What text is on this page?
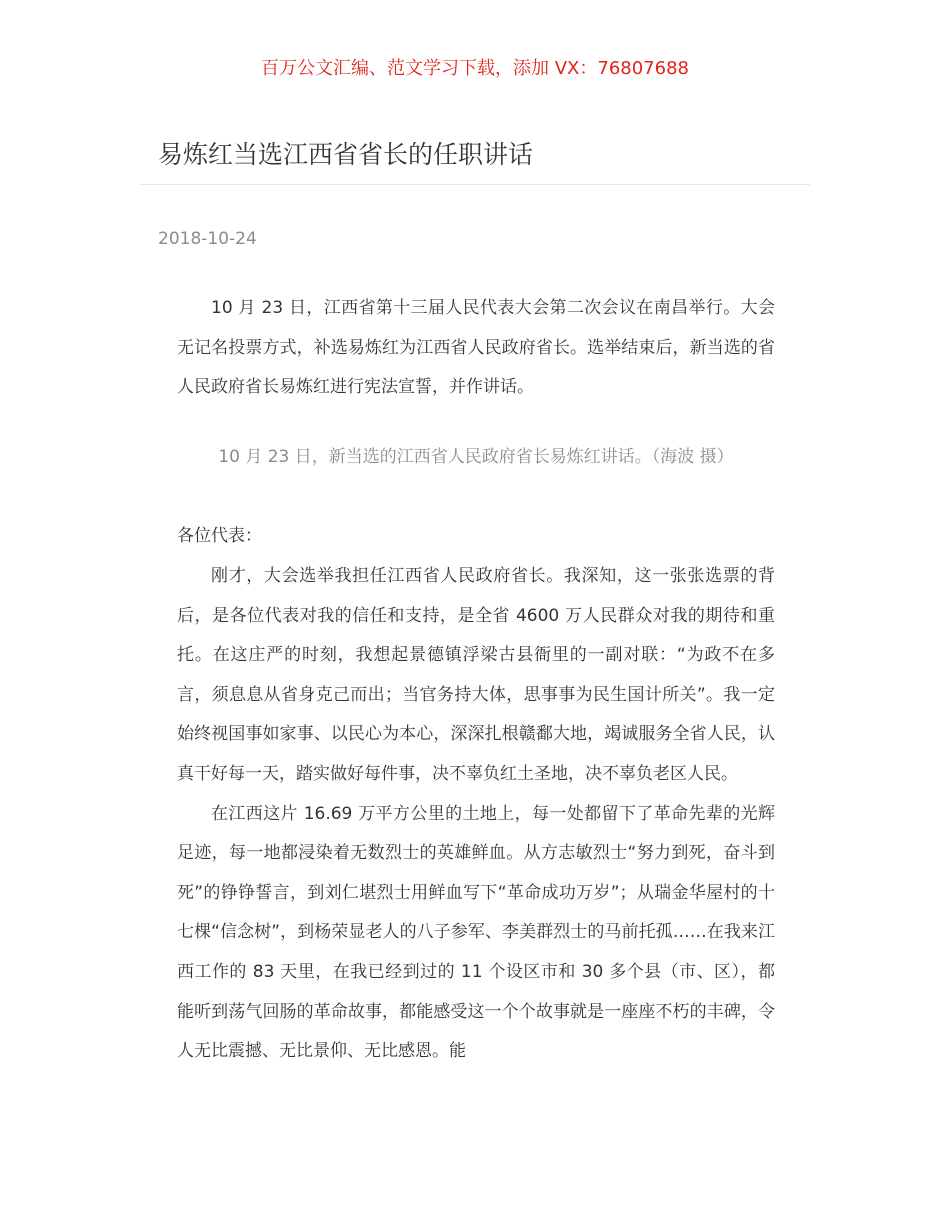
百万公文汇编、范文学习下载，添加 VX：76807688
易炼红当选江西省省长的任职讲话
2018-10-24

10 月 23 日，江西省第十三届人民代表大会第二次会议在南昌举行。大会无记名投票方式，补选易炼红为江西省人民政府省长。选举结束后，新当选的省人民政府省长易炼红进行宪法宣誓，并作讲话。

10 月 23 日，新当选的江西省人民政府省长易炼红讲话。（海波 摄）

各位代表：

刚才，大会选举我担任江西省人民政府省长。我深知，这一张张选票的背后，是各位代表对我的信任和支持，是全省 4600 万人民群众对我的期待和重托。在这庄严的时刻，我想起景德镇浮梁古县衙里的一副对联：“为政不在多言，须息息从省身克己而出；当官务持大体，思事事为民生国计所关”。我一定始终视国事如家事、以民心为本心，深深扎根赣鄱大地，竭诚服务全省人民，认真干好每一天，踏实做好每件事，决不辜负红土圣地，决不辜负老区人民。

在江西这片 16.69 万平方公里的土地上，每一处都留下了革命先辈的光辉足迹，每一地都浸染着无数烈士的英雄鲜血。从方志敏烈士“努力到死，奋斗到死”的铮铮誓言，到刘仁堪烈士用鲜血写下“革命成功万岁”；从瑞金华屋村的十七棵“信念树”，到杨荣显老人的八子参军、李美群烈士的马前托孤……在我来江西工作的 83 天里，在我已经到过的 11 个设区市和 30 多个县（市、区），都能听到荡气回肠的革命故事，都能感受这一个个故事就是一座座不朽的丰碑，令人无比震撼、无比景仰、无比感恩。能
